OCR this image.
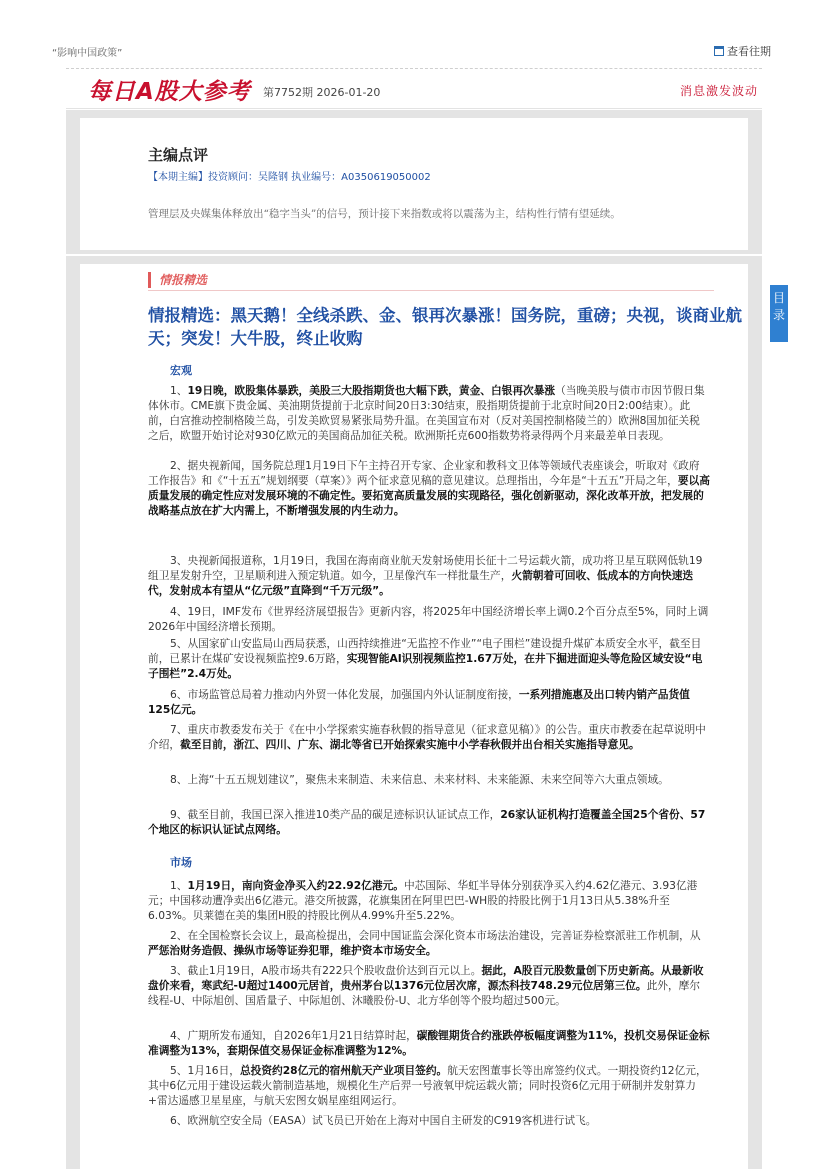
“影响中国政策”	查看往期
每日A股大参考 第7752期 2026-01-20	消息激发波动
主编点评
【本期主编】投资顾问：吴隆钢 执业编号：A0350619050002
管理层及央媒集体释放出“稳字当头”的信号，预计接下来指数或将以震荡为主，结构性行情有望延续。
情报精选
情报精选：黑天鹅！全线杀跌、金、银再次暴涨！国务院，重磅；央视，谈商业航天；突发！大牛股，终止收购
宏观
1、19日晚，欧股集体暴跌，美股三大股指期货也大幅下跌，黄金、白银再次暴涨（当晚美股与债市市因节假日集体休市。CME旗下贵金属、美油期货提前于北京时间20日3:30结束，股指期货提前于北京时间20日2:00结束）。此前，白宫推动控制格陵兰岛，引发美欧贸易紧张局势升温。在美国宣布对（反对美国控制格陵兰的）欧洲8国加征关税之后，欧盟开始讨论对930亿欧元的美国商品加征关税。欧洲斯托克600指数势将录得两个月来最差单日表现。
2、据央视新闻，国务院总理1月19日下午主持召开专家、企业家和教科文卫体等领域代表座谈会，听取对《政府工作报告》和《“十五五”规划纲要（草案）》两个征求意见稿的意见建议。总理指出，今年是“十五五”开局之年，要以高质量发展的确定性应对发展环境的不确定性。要拓宽高质量发展的实现路径，强化创新驱动，深化改革开放，把发展的战略基点放在扩大内需上，不断增强发展的内生动力。
3、央视新闻报道称，1月19日，我国在海南商业航天发射场使用长征十二号运载火箭，成功将卫星互联网低轨19组卫星发射升空，卫星顺利进入预定轨道。如今，卫星像汽车一样批量生产，火箭朝着可回收、低成本的方向快速迭代，发射成本有望从“亿元级”直降到“千万元级”。
4、19日，IMF发布《世界经济展望报告》更新内容，将2025年中国经济增长率上调0.2个百分点至5%，同时上调2026年中国经济增长预期。
5、从国家矿山安监局山西局获悉，山西持续推进“无监控不作业”“电子围栏”建设提升煤矿本质安全水平，截至目前，已累计在煤矿安设视频监控9.6万路，实现智能AI识别视频监控1.67万处，在井下掘进面迎头等危险区域安设“电子围栏”2.4万处。
6、市场监管总局着力推动内外贸一体化发展，加强国内外认证制度衔接，一系列措施惠及出口转内销产品货值125亿元。
7、重庆市教委发布关于《在中小学探索实施春秋假的指导意见（征求意见稿）》的公告。重庆市教委在起草说明中介绍，截至目前，浙江、四川、广东、湖北等省已开始探索实施中小学春秋假并出台相关实施指导意见。
8、上海“十五五规划建议”，聚焦未来制造、未来信息、未来材料、未来能源、未来空间等六大重点领域。
9、截至目前，我国已深入推进10类产品的碳足迹标识认证试点工作，26家认证机构打造覆盖全国25个省份、57个地区的标识认证试点网络。
市场
1、1月19日，南向资金净买入约22.92亿港元。中芯国际、华虹半导体分别获净买入约4.62亿港元、3.93亿港元；中国移动遭净卖出6亿港元。港交所披露，花旗集团在阿里巴巴-WH股的持股比例于1月13日从5.38%升至6.03%。贝莱德在美的集团H股的持股比例从4.99%升至5.22%。
2、在全国检察长会议上，最高检提出，会同中国证监会深化资本市场法治建设，完善证券检察派驻工作机制，从严惩治财务造假、操纵市场等证券犯罪，维护资本市场安全。
3、截止1月19日，A股市场共有222只个股收盘价达到百元以上。据此，A股百元股数量创下历史新高。从最新收盘价来看，寒武纪-U超过1400元居首，贵州茅台以1376元位居次席，源杰科技748.29元位居第三位。此外，摩尔线程-U、中际旭创、国盾量子、中际旭创、沐曦股份-U、北方华创等个股均超过500元。
4、广期所发布通知，自2026年1月21日结算时起，碳酸锂期货合约涨跌停板幅度调整为11%，投机交易保证金标准调整为13%，套期保值交易保证金标准调整为12%。
5、1月16日，总投资约28亿元的宿州航天产业项目签约。航天宏图董事长等出席签约仪式。一期投资约12亿元，其中6亿元用于建设运载火箭制造基地，规模化生产后羿一号液氧甲烷运载火箭；同时投资6亿元用于研制并发射算力+雷达遥感卫星星座，与航天宏图女娲星座组网运行。
6、欧洲航空安全局（EASA）试飞员已开始在上海对中国自主研发的C919客机进行试飞。
目录
